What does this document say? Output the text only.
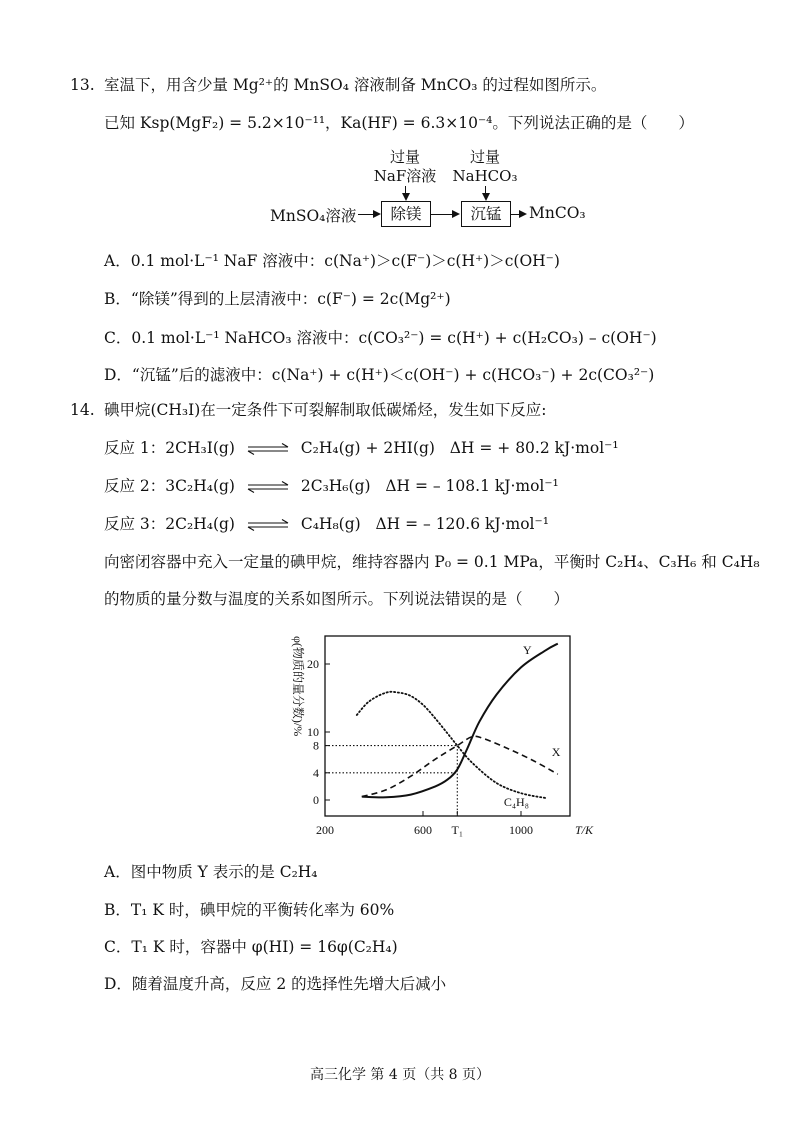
13. 室温下，用含少量 Mg²⁺的 MnSO₄ 溶液制备 MnCO₃ 的过程如图所示。
已知 Ksp(MgF₂) = 5.2×10⁻¹¹，Ka(HF) = 6.3×10⁻⁴。下列说法正确的是（　　）
过量
NaF溶液
过量
NaHCO₃
MnSO₄溶液	除镁	沉锰	MnCO₃
A．0.1 mol·L⁻¹ NaF 溶液中：c(Na⁺)＞c(F⁻)＞c(H⁺)＞c(OH⁻)
B．“除镁”得到的上层清液中：c(F⁻) = 2c(Mg²⁺)
C．0.1 mol·L⁻¹ NaHCO₃ 溶液中：c(CO₃²⁻) = c(H⁺) + c(H₂CO₃) – c(OH⁻)
D．“沉锰”后的滤液中：c(Na⁺) + c(H⁺)＜c(OH⁻) + c(HCO₃⁻) + 2c(CO₃²⁻)
14. 碘甲烷(CH₃I)在一定条件下可裂解制取低碳烯烃，发生如下反应:
反应 1：2CH₃I(g) ⇌ C₂H₄(g) + 2HI(g) ΔH = + 80.2 kJ·mol⁻¹
反应 2：3C₂H₄(g) ⇌ 2C₃H₆(g) ΔH = – 108.1 kJ·mol⁻¹
反应 3：2C₂H₄(g) ⇌ C₄H₈(g) ΔH = – 120.6 kJ·mol⁻¹
向密闭容器中充入一定量的碘甲烷，维持容器内 P₀ = 0.1 MPa，平衡时 C₂H₄、C₃H₆ 和 C₄H₈
的物质的量分数与温度的关系如图所示。下列说法错误的是（　　）
0
4
8
10
20
200	600 T₁	1000	T/K
φ(物质的量分数)/%	Y
X
C₄H₈
A．图中物质 Y 表示的是 C₂H₄
B．T₁ K 时，碘甲烷的平衡转化率为 60%
C．T₁ K 时，容器中 φ(HI) = 16φ(C₂H₄)
D．随着温度升高，反应 2 的选择性先增大后减小
高三化学 第 4 页（共 8 页）
